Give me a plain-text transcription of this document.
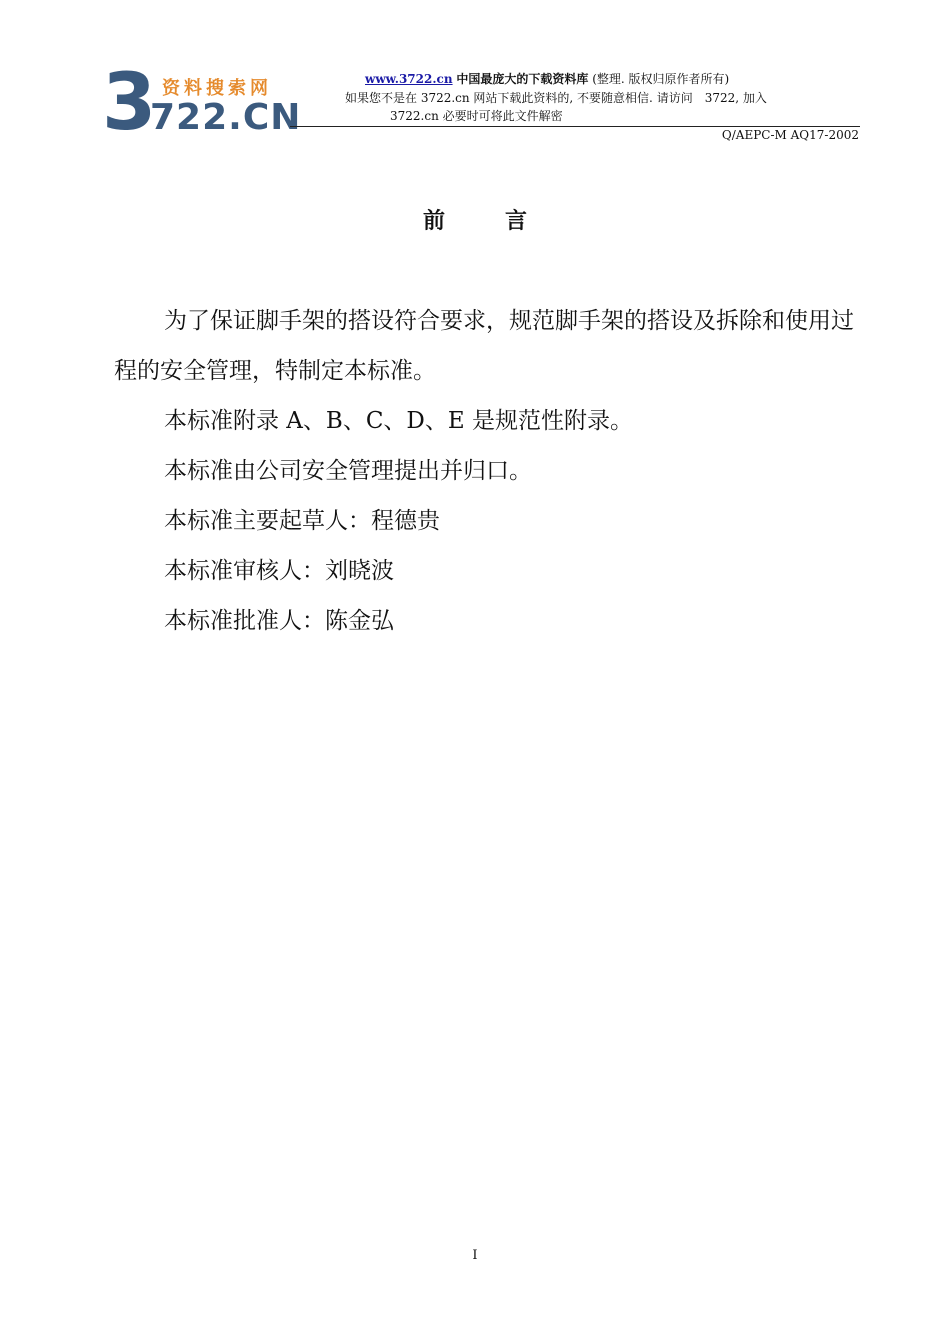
3 资料搜索网
722.CN
www.3722.cn 中国最庞大的下载资料库 (整理. 版权归原作者所有)
如果您不是在 3722.cn 网站下载此资料的, 不要随意相信. 请访问　3722, 加入
3722.cn 必要时可将此文件解密
Q/AEPC-M AQ17-2002
前言

为了保证脚手架的搭设符合要求，规范脚手架的搭设及拆除和使用过程的安全管理，特制定本标准。

本标准附录 A、B、C、D、E 是规范性附录。

本标准由公司安全管理提出并归口。

本标准主要起草人：程德贵

本标准审核人：刘晓波

本标准批准人：陈金弘

I
